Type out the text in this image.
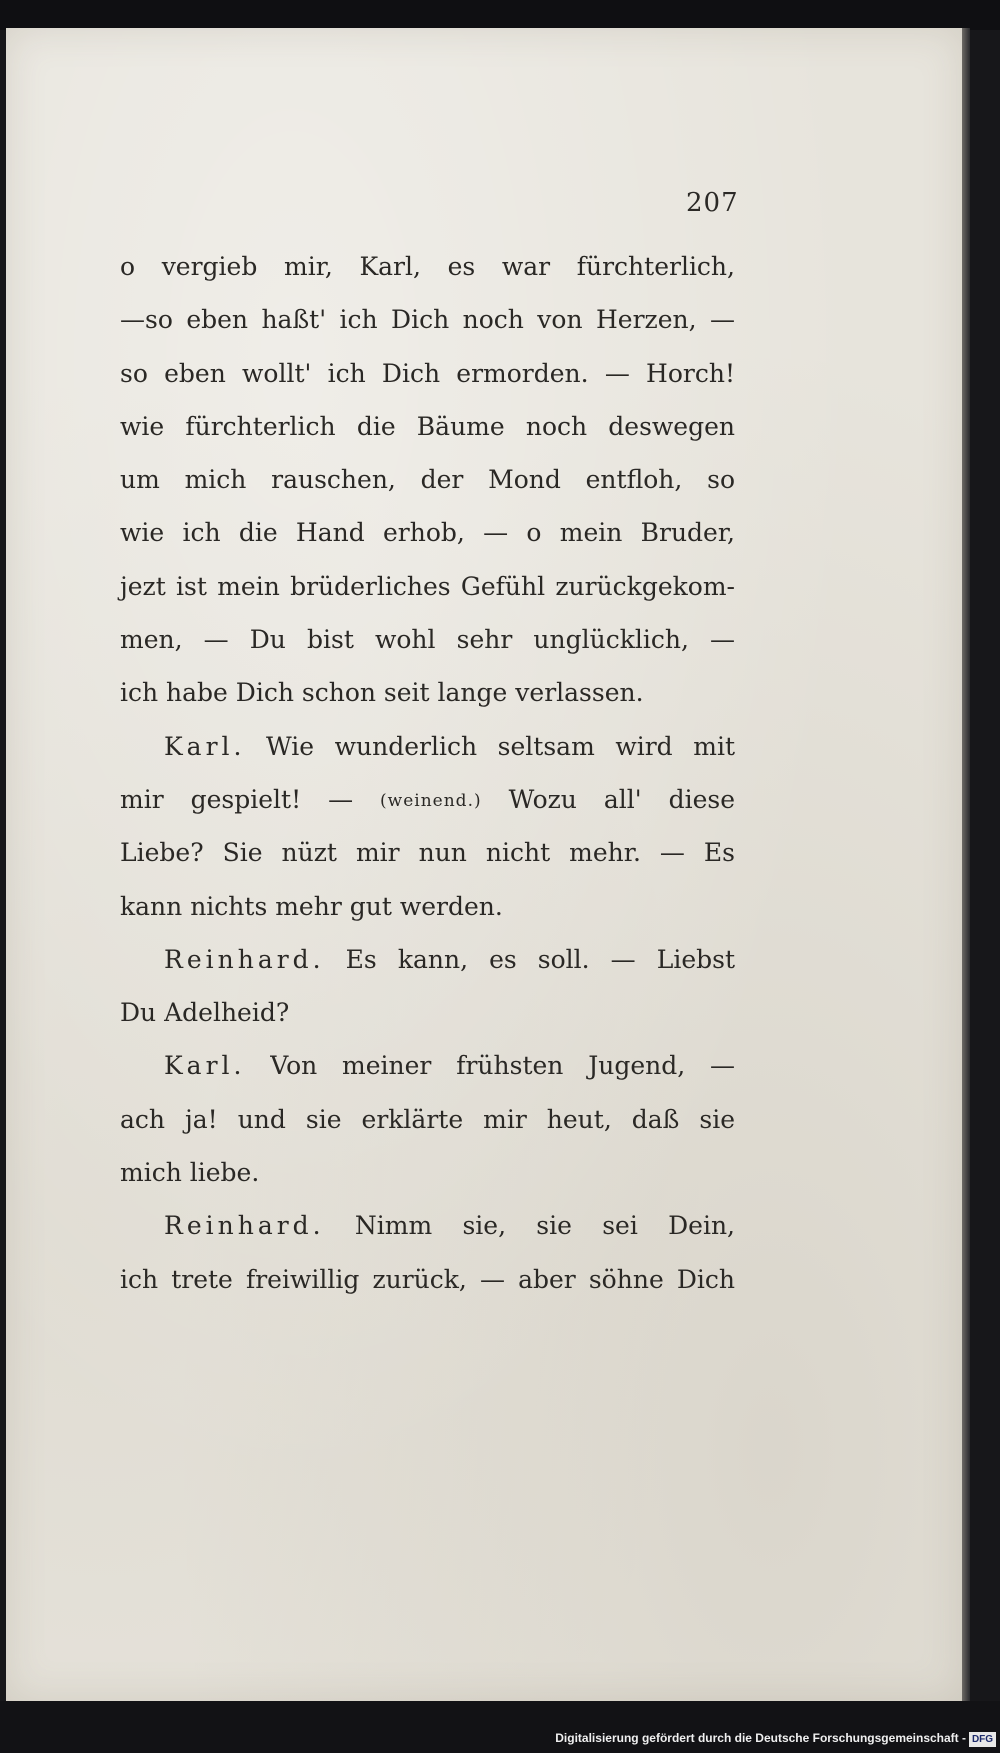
207
o vergieb mir, Karl, es war fürchterlich,
—so eben haßt' ich Dich noch von Herzen, —
so eben wollt' ich Dich ermorden. — Horch!
wie fürchterlich die Bäume noch deswegen
um mich rauschen, der Mond entfloh, so
wie ich die Hand erhob, — o mein Bruder,
jezt ist mein brüderliches Gefühl zurückgekom-
men, — Du bist wohl sehr unglücklich, —
ich habe Dich schon seit lange verlassen.
Karl. Wie wunderlich seltsam wird mit
mir gespielt! — (weinend.) Wozu all' diese
Liebe? Sie nüzt mir nun nicht mehr. — Es
kann nichts mehr gut werden.
Reinhard. Es kann, es soll. — Liebst
Du Adelheid?
Karl. Von meiner frühsten Jugend, —
ach ja! und sie erklärte mir heut, daß sie
mich liebe.
Reinhard. Nimm sie, sie sei Dein,
ich trete freiwillig zurück, — aber söhne Dich
Digitalisierung gefördert durch die Deutsche Forschungsgemeinschaft - DFG
